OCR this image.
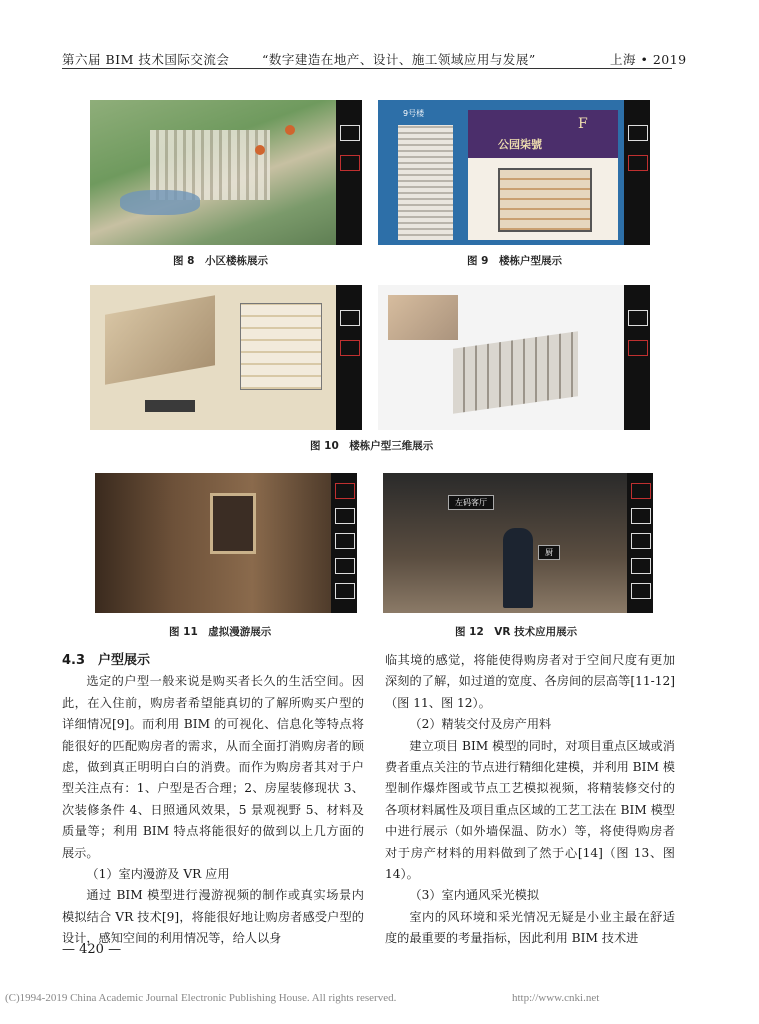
第六届 BIM 技术国际交流会	“数字建造在地产、设计、施工领域应用与发展”	上海 • 2019
图 8　小区楼栋展示
9号楼
公园柒號
F
图 9　楼栋户型展示
图 10　楼栋户型三维展示
图 11　虚拟漫游展示
左码客厅
厨
图 12　VR 技术应用展示

4.3　户型展示

选定的户型一般来说是购买者长久的生活空间。因此，在入住前，购房者希望能真切的了解所购买户型的详细情况[9]。而利用 BIM 的可视化、信息化等特点将能很好的匹配购房者的需求，从而全面打消购房者的顾虑，做到真正明明白白的消费。而作为购房者其对于户型关注点有：1、户型是否合理；2、房屋装修现状 3、次装修条件 4、日照通风效果，5 景观视野 5、材料及质量等；利用 BIM 特点将能很好的做到以上几方面的展示。

（1）室内漫游及 VR 应用

通过 BIM 模型进行漫游视频的制作或真实场景内模拟结合 VR 技术[9]，将能很好地让购房者感受户型的设计，感知空间的利用情况等，给人以身

临其境的感觉，将能使得购房者对于空间尺度有更加深刻的了解，如过道的宽度、各房间的层高等[11-12]（图 11、图 12）。

（2）精装交付及房产用料

建立项目 BIM 模型的同时，对项目重点区域或消费者重点关注的节点进行精细化建模，并利用 BIM 模型制作爆炸图或节点工艺模拟视频，将精装修交付的各项材料属性及项目重点区域的工艺工法在 BIM 模型中进行展示（如外墙保温、防水）等，将使得购房者对于房产材料的用料做到了然于心[14]（图 13、图 14）。

（3）室内通风采光模拟

室内的风环境和采光情况无疑是小业主最在舒适度的最重要的考量指标，因此利用 BIM 技术进

— 420 —
(C)1994-2019 China Academic Journal Electronic Publishing House. All rights reserved.	http://www.cnki.net
